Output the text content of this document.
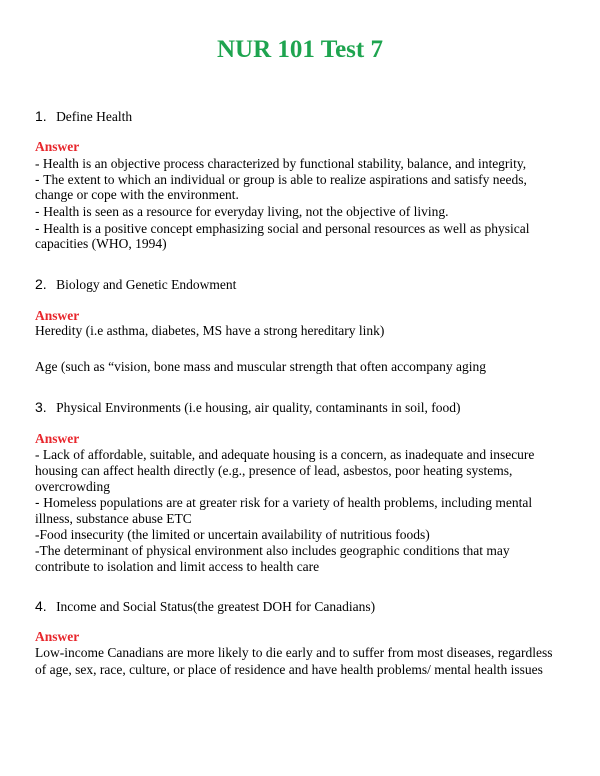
NUR 101 Test 7
1. Define Health
Answer
- Health is an objective process characterized by functional stability, balance, and integrity,
- The extent to which an individual or group is able to realize aspirations and satisfy needs,
change or cope with the environment.
- Health is seen as a resource for everyday living, not the objective of living.
- Health is a positive concept emphasizing social and personal resources as well as physical
capacities (WHO, 1994)
2. Biology and Genetic Endowment
Answer
Heredity (i.e asthma, diabetes, MS have a strong hereditary link)
Age (such as “vision, bone mass and muscular strength that often accompany aging
3. Physical Environments (i.e housing, air quality, contaminants in soil, food)
Answer
- Lack of affordable, suitable, and adequate housing is a concern, as inadequate and insecure
housing can affect health directly (e.g., presence of lead, asbestos, poor heating systems,
overcrowding
- Homeless populations are at greater risk for a variety of health problems, including mental
illness, substance abuse ETC
-Food insecurity (the limited or uncertain availability of nutritious foods)
-The determinant of physical environment also includes geographic conditions that may
contribute to isolation and limit access to health care
4. Income and Social Status(the greatest DOH for Canadians)
Answer
Low-income Canadians are more likely to die early and to suffer from most diseases, regardless
of age, sex, race, culture, or place of residence and have health problems/ mental health issues
